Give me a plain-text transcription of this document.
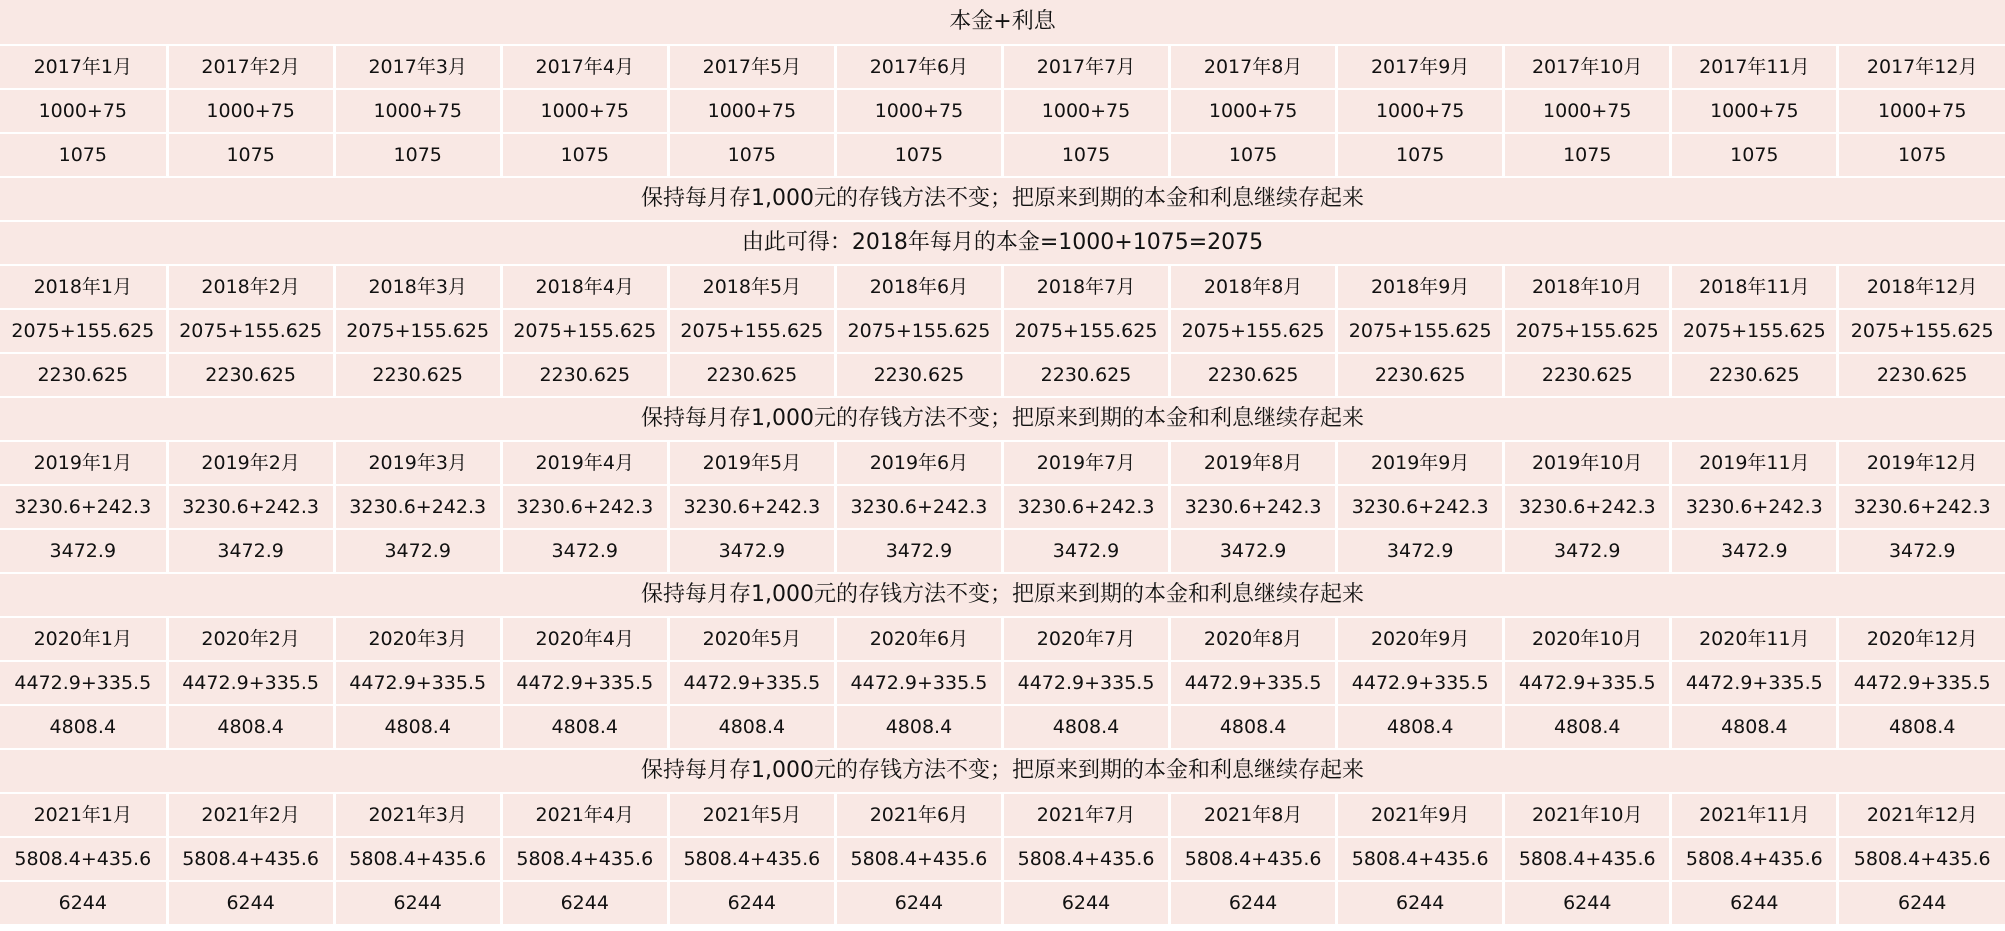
本金+利息											
2017年1月	2017年2月	2017年3月	2017年4月	2017年5月	2017年6月	2017年7月	2017年8月	2017年9月	2017年10月	2017年11月	2017年12月
1000+75	1000+75	1000+75	1000+75	1000+75	1000+75	1000+75	1000+75	1000+75	1000+75	1000+75	1000+75
1075	1075	1075	1075	1075	1075	1075	1075	1075	1075	1075	1075
保持每月存1,000元的存钱方法不变；把原来到期的本金和利息继续存起来											
由此可得：2018年每月的本金=1000+1075=2075											
2018年1月	2018年2月	2018年3月	2018年4月	2018年5月	2018年6月	2018年7月	2018年8月	2018年9月	2018年10月	2018年11月	2018年12月
2075+155.625	2075+155.625	2075+155.625	2075+155.625	2075+155.625	2075+155.625	2075+155.625	2075+155.625	2075+155.625	2075+155.625	2075+155.625	2075+155.625
2230.625	2230.625	2230.625	2230.625	2230.625	2230.625	2230.625	2230.625	2230.625	2230.625	2230.625	2230.625
保持每月存1,000元的存钱方法不变；把原来到期的本金和利息继续存起来											
2019年1月	2019年2月	2019年3月	2019年4月	2019年5月	2019年6月	2019年7月	2019年8月	2019年9月	2019年10月	2019年11月	2019年12月
3230.6+242.3	3230.6+242.3	3230.6+242.3	3230.6+242.3	3230.6+242.3	3230.6+242.3	3230.6+242.3	3230.6+242.3	3230.6+242.3	3230.6+242.3	3230.6+242.3	3230.6+242.3
3472.9	3472.9	3472.9	3472.9	3472.9	3472.9	3472.9	3472.9	3472.9	3472.9	3472.9	3472.9
保持每月存1,000元的存钱方法不变；把原来到期的本金和利息继续存起来											
2020年1月	2020年2月	2020年3月	2020年4月	2020年5月	2020年6月	2020年7月	2020年8月	2020年9月	2020年10月	2020年11月	2020年12月
4472.9+335.5	4472.9+335.5	4472.9+335.5	4472.9+335.5	4472.9+335.5	4472.9+335.5	4472.9+335.5	4472.9+335.5	4472.9+335.5	4472.9+335.5	4472.9+335.5	4472.9+335.5
4808.4	4808.4	4808.4	4808.4	4808.4	4808.4	4808.4	4808.4	4808.4	4808.4	4808.4	4808.4
保持每月存1,000元的存钱方法不变；把原来到期的本金和利息继续存起来											
2021年1月	2021年2月	2021年3月	2021年4月	2021年5月	2021年6月	2021年7月	2021年8月	2021年9月	2021年10月	2021年11月	2021年12月
5808.4+435.6	5808.4+435.6	5808.4+435.6	5808.4+435.6	5808.4+435.6	5808.4+435.6	5808.4+435.6	5808.4+435.6	5808.4+435.6	5808.4+435.6	5808.4+435.6	5808.4+435.6
6244	6244	6244	6244	6244	6244	6244	6244	6244	6244	6244	6244
